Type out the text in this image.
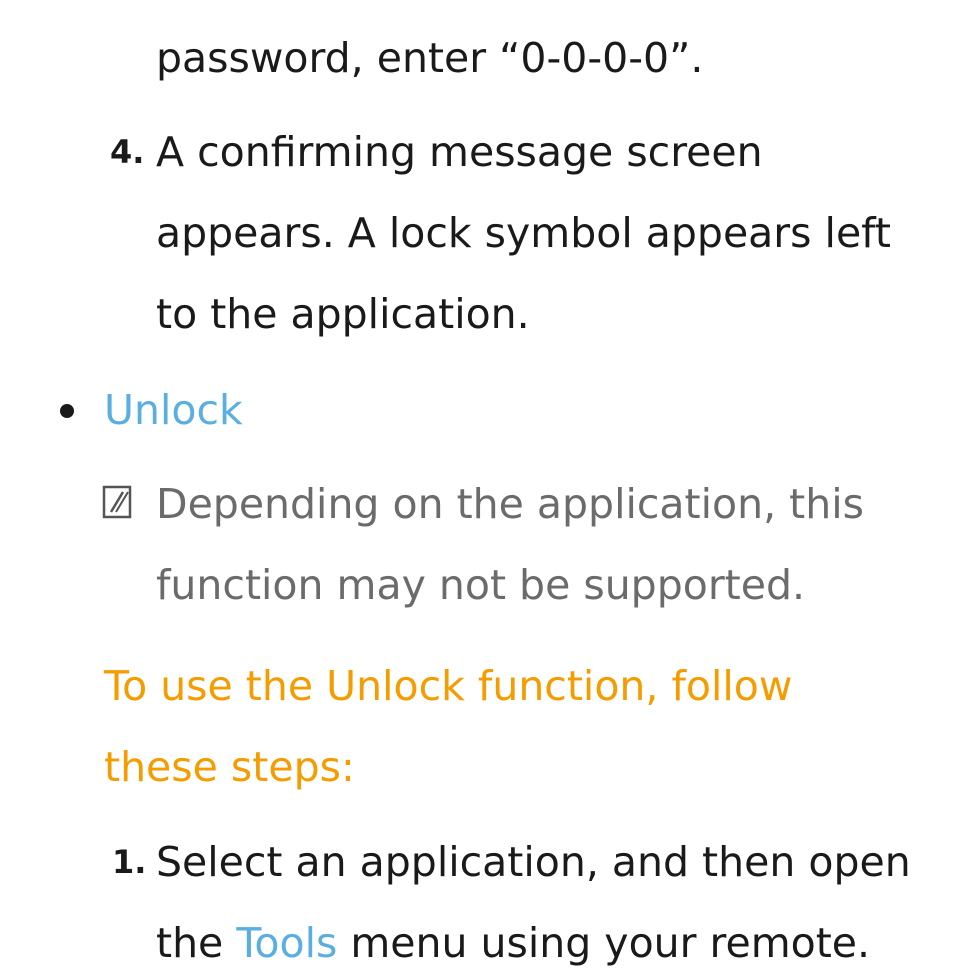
password, enter “0-0-0-0”.
4. A confirming message screen
appears. A lock symbol appears left
to the application.
Unlock
Depending on the application, this
function may not be supported.
To use the Unlock function, follow
these steps:
1. Select an application, and then open
the Tools menu using your remote.
